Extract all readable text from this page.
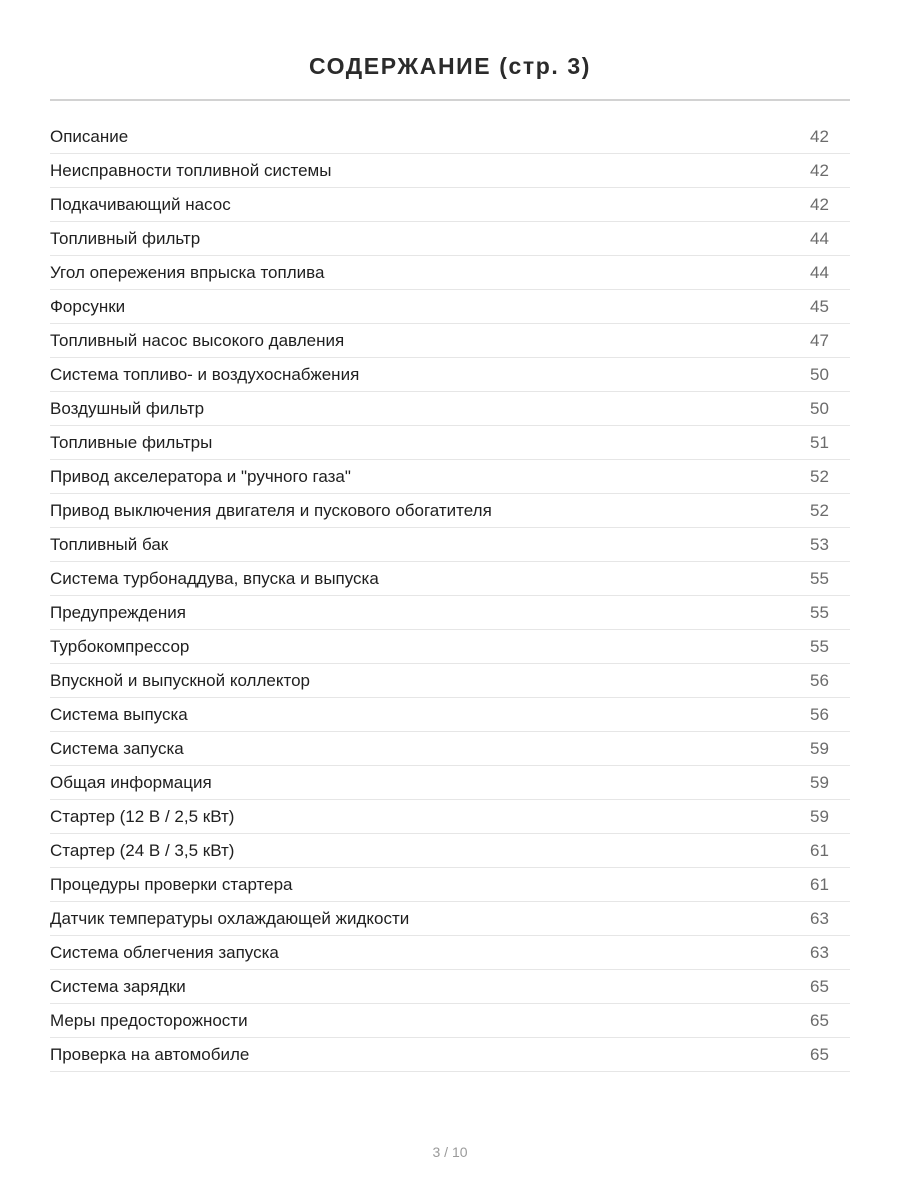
СОДЕРЖАНИЕ (стр. 3)
Описание	42
Неисправности топливной системы	42
Подкачивающий насос	42
Топливный фильтр	44
Угол опережения впрыска топлива	44
Форсунки	45
Топливный насос высокого давления	47
Система топливо- и воздухоснабжения	50
Воздушный фильтр	50
Топливные фильтры	51
Привод акселератора и "ручного газа"	52
Привод выключения двигателя и пускового обогатителя	52
Топливный бак	53
Система турбонаддува, впуска и выпуска	55
Предупреждения	55
Турбокомпрессор	55
Впускной и выпускной коллектор	56
Система выпуска	56
Система запуска	59
Общая информация	59
Стартер (12 В / 2,5 кВт)	59
Стартер (24 В / 3,5 кВт)	61
Процедуры проверки стартера	61
Датчик температуры охлаждающей жидкости	63
Система облегчения запуска	63
Система зарядки	65
Меры предосторожности	65
Проверка на автомобиле	65
3 / 10
